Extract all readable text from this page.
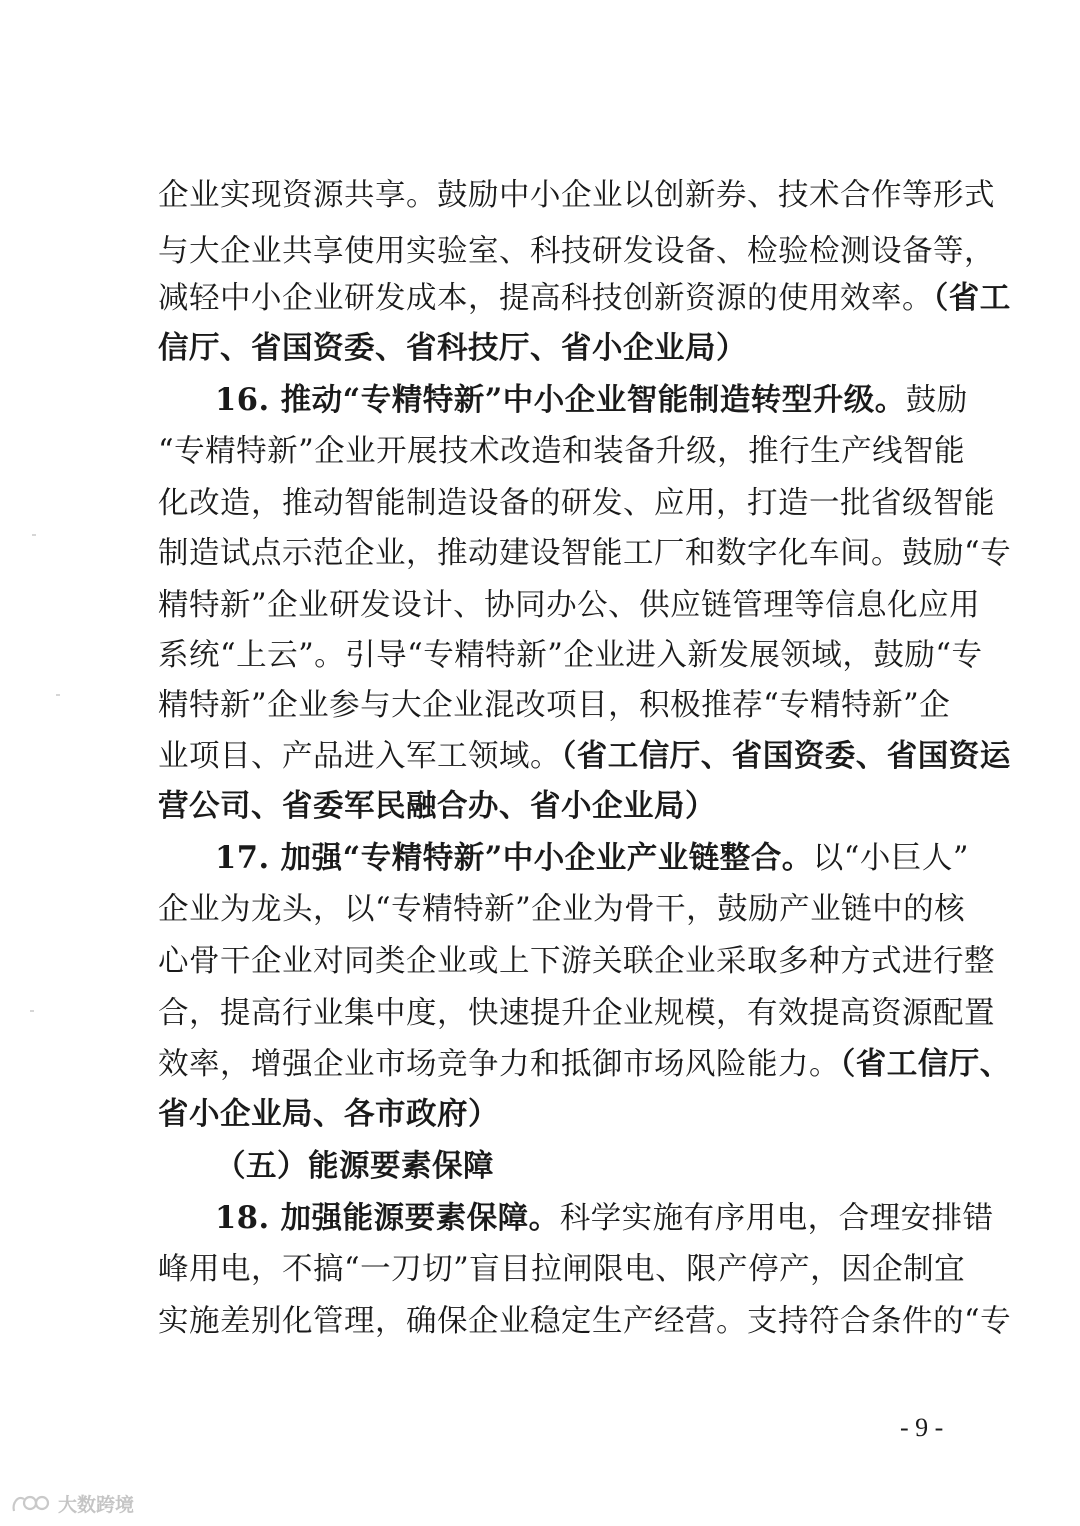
企业实现资源共享。鼓励中小企业以创新券、技术合作等形式
与大企业共享使用实验室、科技研发设备、检验检测设备等，
减轻中小企业研发成本，提高科技创新资源的使用效率。（省工
信厅、省国资委、省科技厅、省小企业局）
16. 推动“专精特新”中小企业智能制造转型升级。鼓励
“专精特新”企业开展技术改造和装备升级，推行生产线智能
化改造，推动智能制造设备的研发、应用，打造一批省级智能
制造试点示范企业，推动建设智能工厂和数字化车间。鼓励“专
精特新”企业研发设计、协同办公、供应链管理等信息化应用
系统“上云”。引导“专精特新”企业进入新发展领域，鼓励“专
精特新”企业参与大企业混改项目，积极推荐“专精特新”企
业项目、产品进入军工领域。（省工信厅、省国资委、省国资运
营公司、省委军民融合办、省小企业局）
17. 加强“专精特新”中小企业产业链整合。以“小巨人”
企业为龙头，以“专精特新”企业为骨干，鼓励产业链中的核
心骨干企业对同类企业或上下游关联企业采取多种方式进行整
合，提高行业集中度，快速提升企业规模，有效提高资源配置
效率，增强企业市场竞争力和抵御市场风险能力。（省工信厅、
省小企业局、各市政府）
（五）能源要素保障
18. 加强能源要素保障。科学实施有序用电，合理安排错
峰用电，不搞“一刀切”盲目拉闸限电、限产停产，因企制宜
实施差别化管理，确保企业稳定生产经营。支持符合条件的“专
- 9 -
大数跨境
